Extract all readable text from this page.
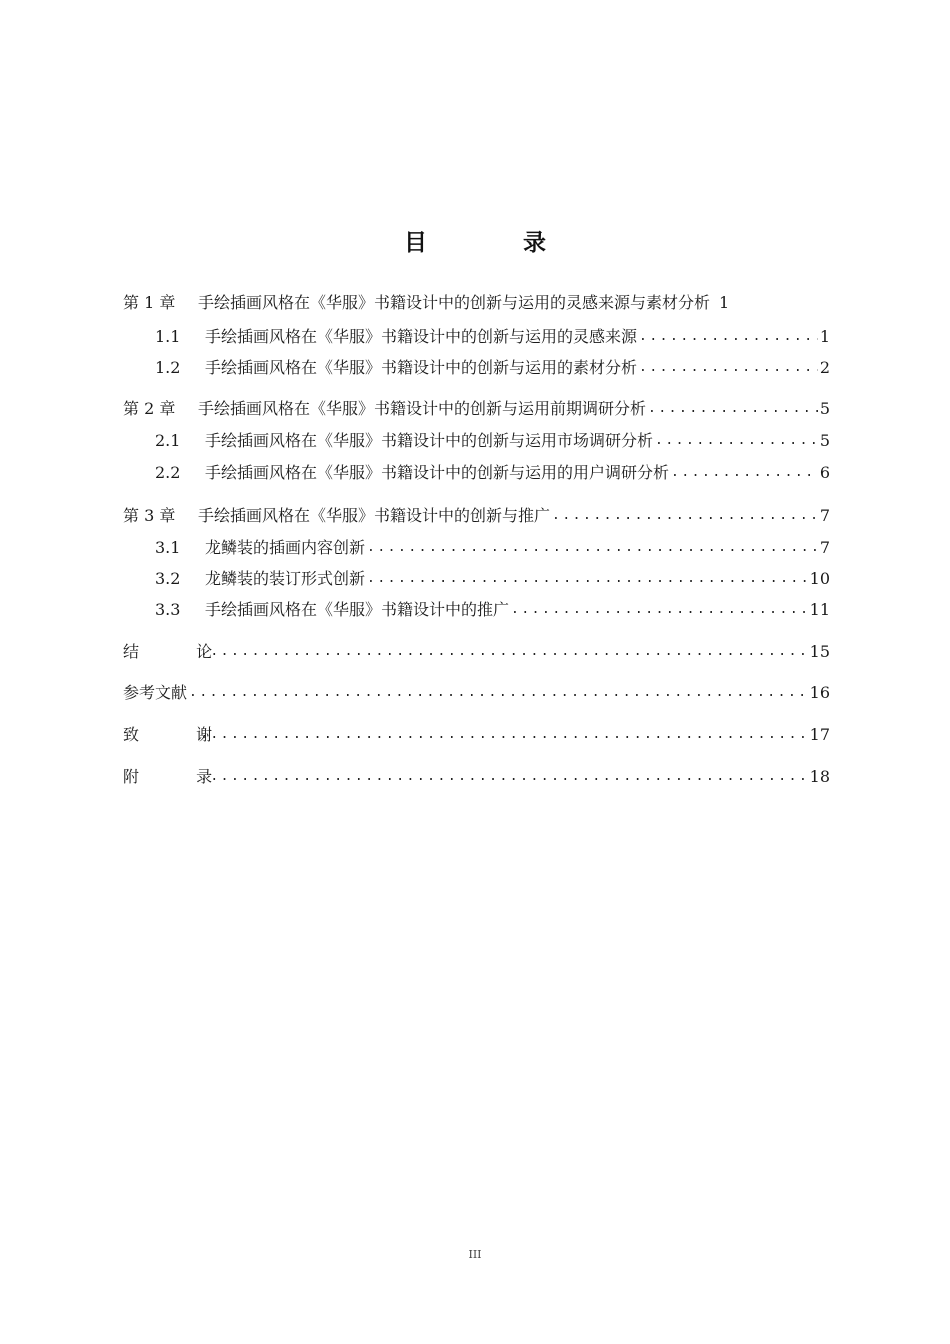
目 录
第 1 章	手绘插画风格在《华服》书籍设计中的创新与运用的灵感来源与素材分析 1
1.1	手绘插画风格在《华服》书籍设计中的创新与运用的灵感来源 .....	1
1.2	手绘插画风格在《华服》书籍设计中的创新与运用的素材分析 .....	2
第 2 章	手绘插画风格在《华服》书籍设计中的创新与运用前期调研分析 .....	5
2.1	手绘插画风格在《华服》书籍设计中的创新与运用市场调研分析 .....	5
2.2	手绘插画风格在《华服》书籍设计中的创新与运用的用户调研分析 .....	6
第 3 章	手绘插画风格在《华服》书籍设计中的创新与推广 .....	7
3.1	龙鳞装的插画内容创新 .....	7
3.2	龙鳞装的装订形式创新 .....	10
3.3	手绘插画风格在《华服》书籍设计中的推广 .....	11
结 论 .....	15
参考文献 .....	16
致 谢 .....	17
附 录 .....	18
III
